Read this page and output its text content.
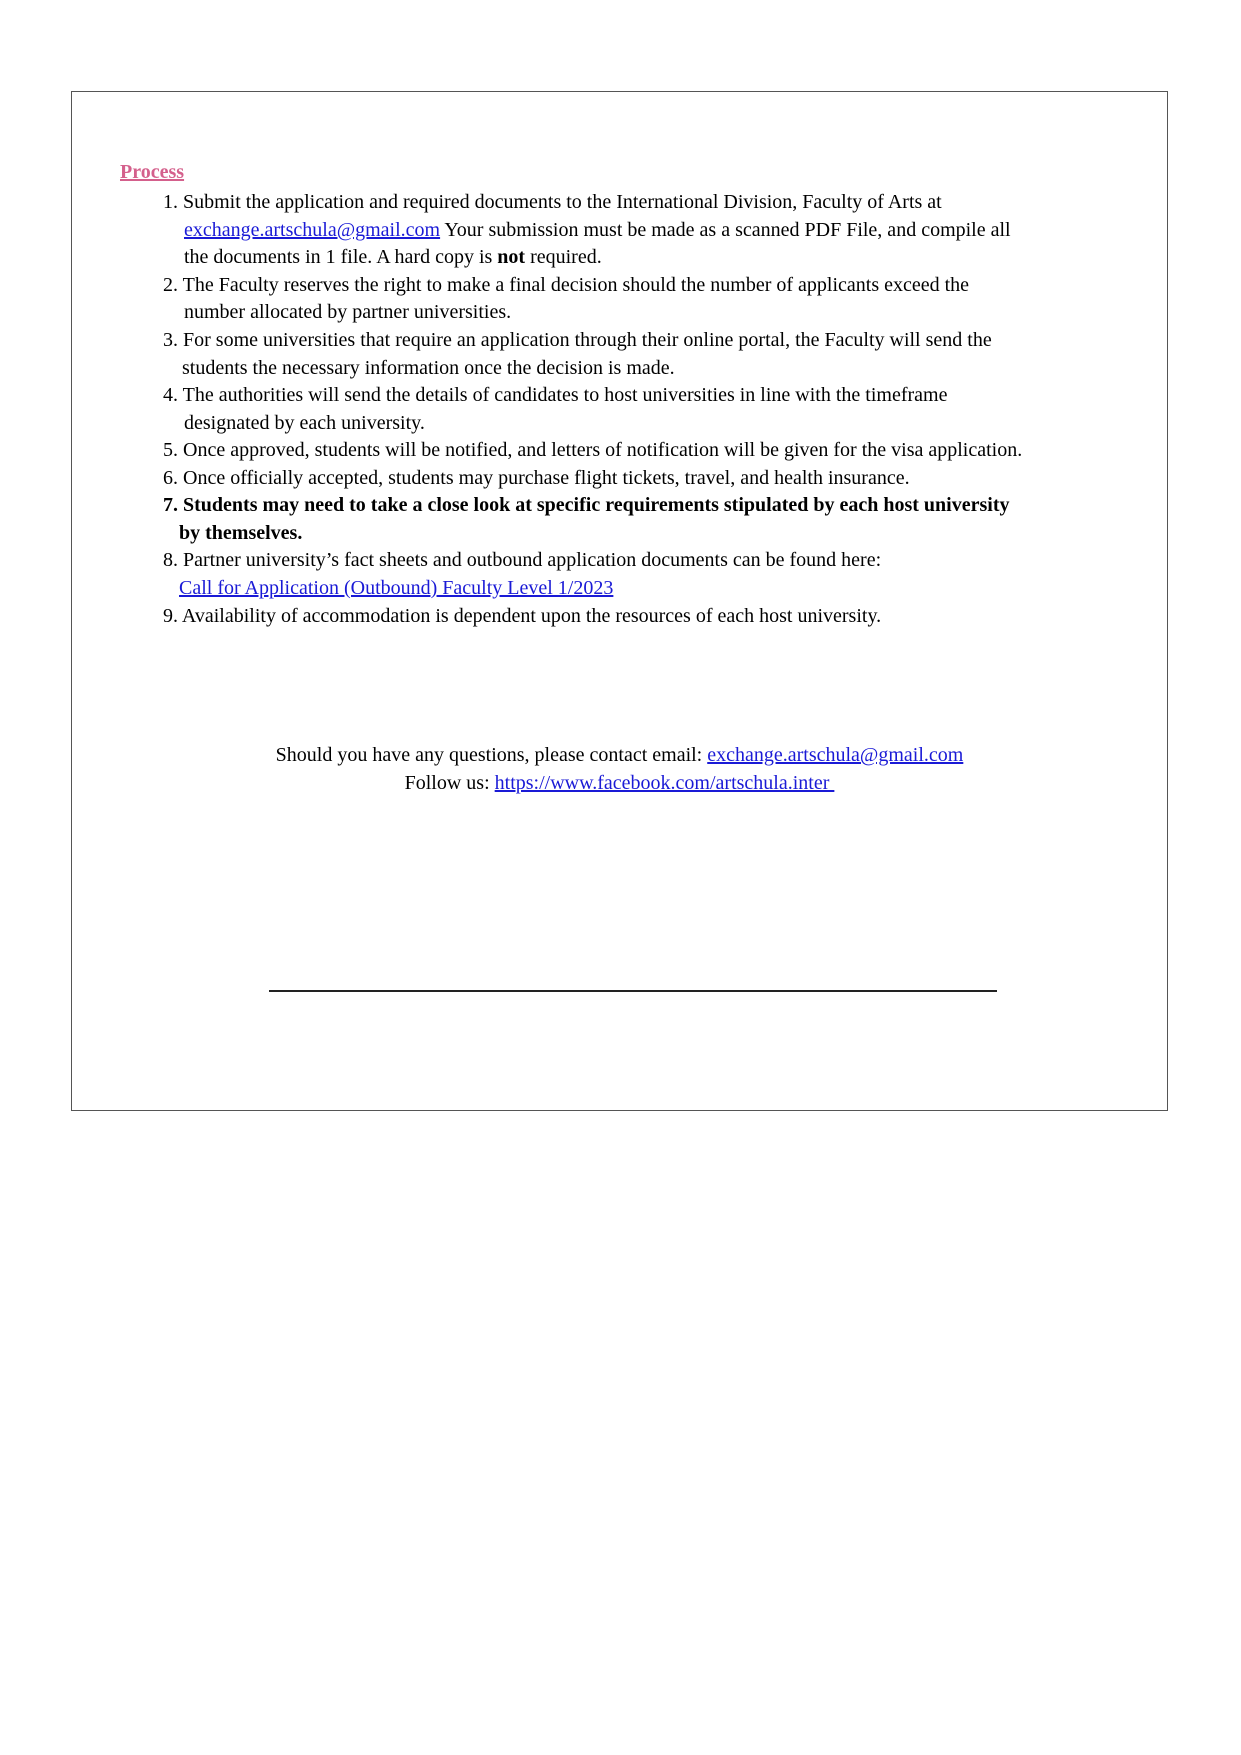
Process
1. Submit the application and required documents to the International Division, Faculty of Arts at
exchange.artschula@gmail.com Your submission must be made as a scanned PDF File, and compile all
the documents in 1 file. A hard copy is not required.
2. The Faculty reserves the right to make a final decision should the number of applicants exceed the
number allocated by partner universities.
3. For some universities that require an application through their online portal, the Faculty will send the
students the necessary information once the decision is made.
4. The authorities will send the details of candidates to host universities in line with the timeframe
designated by each university.
5. Once approved, students will be notified, and letters of notification will be given for the visa application.
6. Once officially accepted, students may purchase flight tickets, travel, and health insurance.
7. Students may need to take a close look at specific requirements stipulated by each host university
by themselves.
8. Partner university’s fact sheets and outbound application documents can be found here:
Call for Application (Outbound) Faculty Level 1/2023
9. Availability of accommodation is dependent upon the resources of each host university.
Should you have any questions, please contact email: exchange.artschula@gmail.com
Follow us: https://www.facebook.com/artschula.inter
